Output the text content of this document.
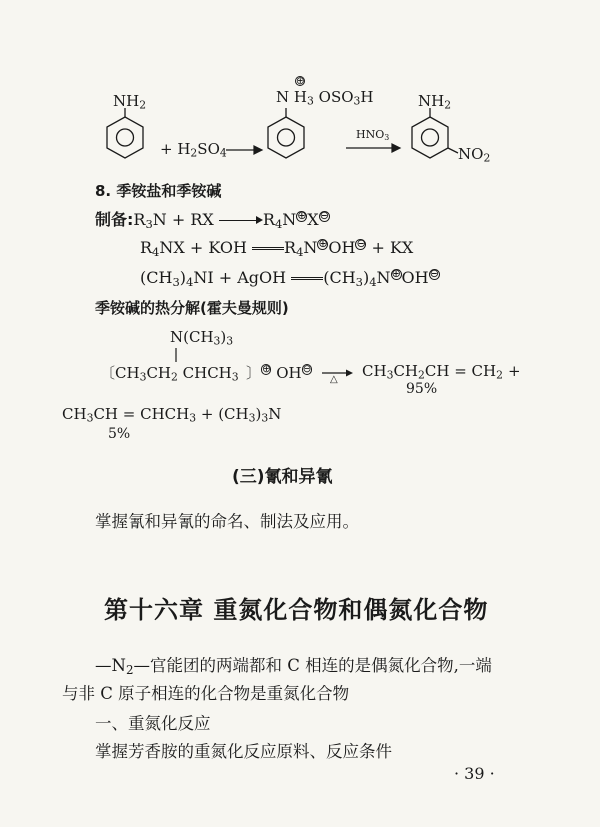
NH2
+ H2SO4
N
⊕
H3 OSO3H
HNO3
NH2
NO2
8. 季铵盐和季铵碱
制备:R3N + RX	R4N⊕X⊖
R4NX + KOH R4N⊕OH⊖ + KX
(CH3)4NI + AgOH (CH3)4N⊕OH⊖
季铵碱的热分解(霍夫曼规则)
N(CH3)3
〔CH3CH2 CHCH3 〕⊕ OH⊖
△ CH3CH2CH = CH2 +
95%
CH3CH = CHCH3 + (CH3)3N
5%
(三)氰和异氰
掌握氰和异氰的命名、制法及应用。
第十六章 重氮化合物和偶氮化合物
—N2—官能团的两端都和 C 相连的是偶氮化合物,一端
与非 C 原子相连的化合物是重氮化合物
一、重氮化反应
掌握芳香胺的重氮化反应原料、反应条件
· 39 ·
